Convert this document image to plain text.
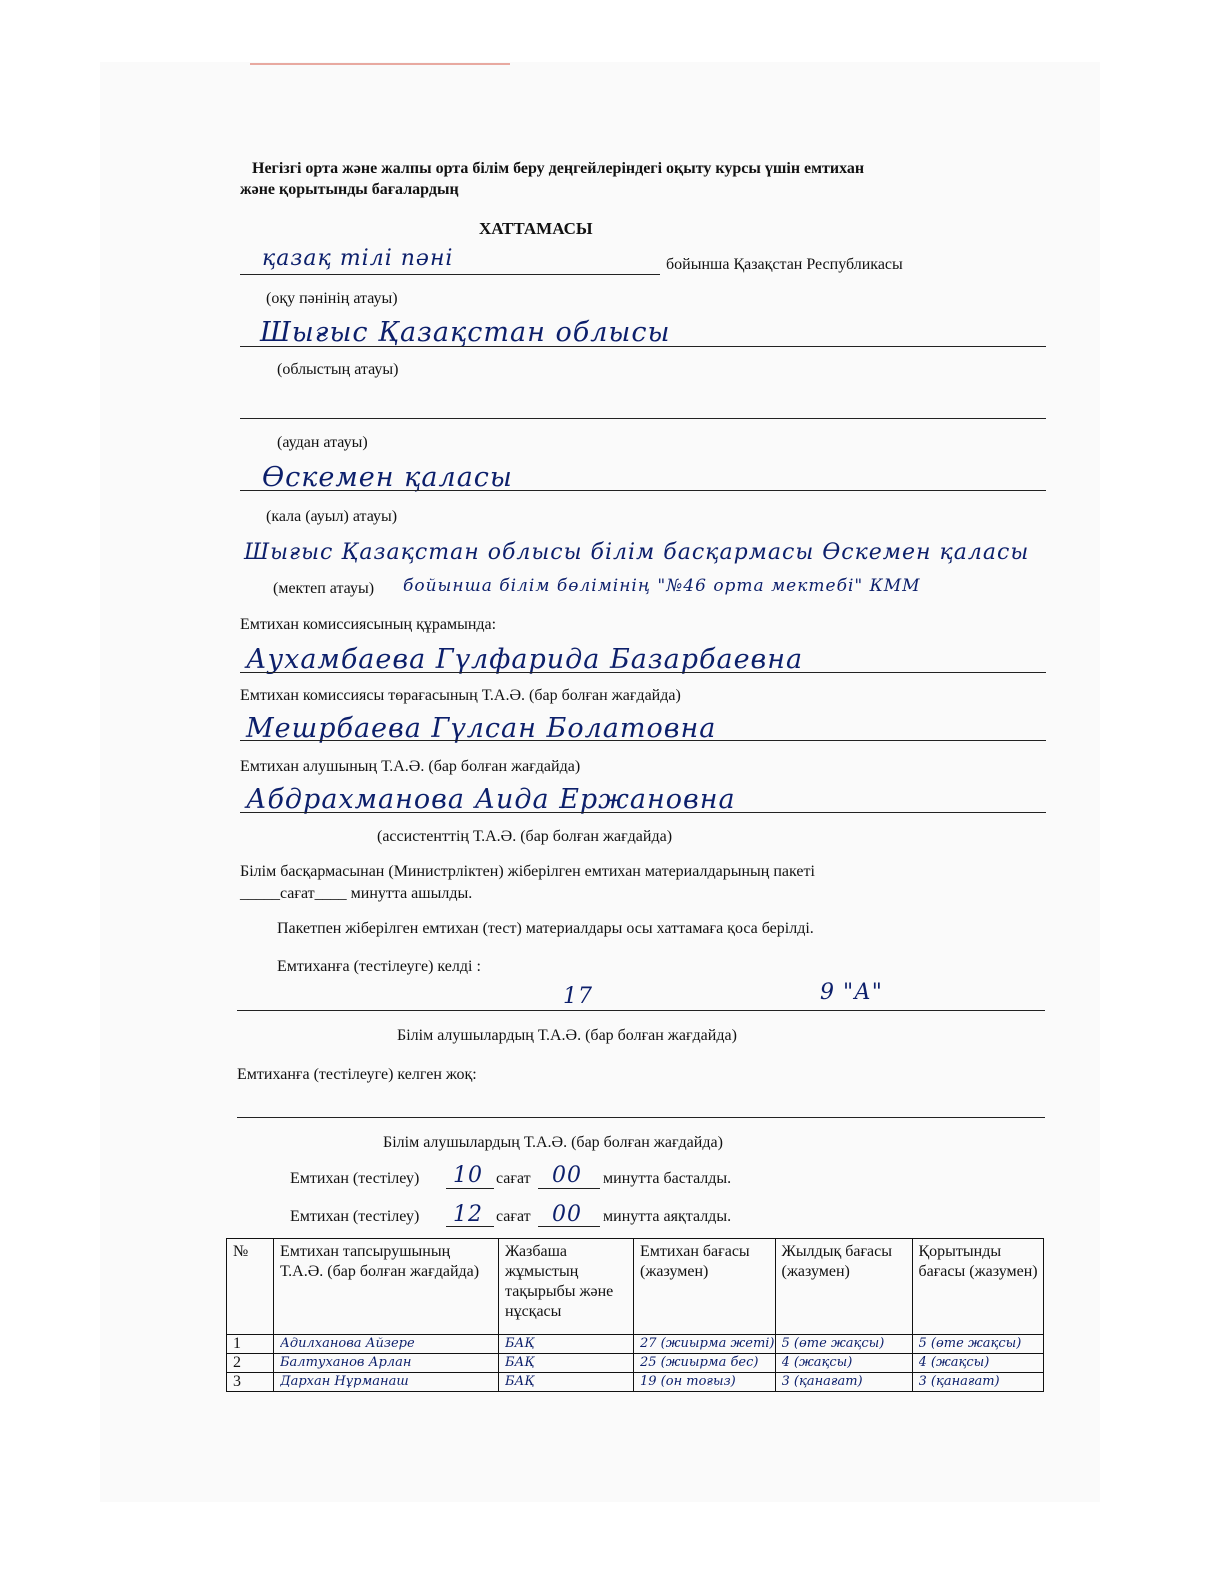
Негізгі орта және жалпы орта білім беру деңгейлеріндегі оқыту курсы үшін емтихан
және қорытынды бағалардың
ХАТТАМАСЫ
қазақ тілі пәні	бойынша Қазақстан Республикасы
(оқу пәнінің атауы)
Шығыс Қазақстан облысы
(облыстың атауы)
(аудан атауы)
Өскемен қаласы
(кала (ауыл) атауы)
Шығыс Қазақстан облысы білім басқармасы Өскемен қаласы
(мектеп атауы) бойынша білім бөлімінің "№46 орта мектебі" КММ
Емтихан комиссиясының құрамында:
Аухамбаева Гүлфарида Базарбаевна
Емтихан комиссиясы төрағасының Т.А.Ә. (бар болған жағдайда)
Мешрбаева Гүлсан Болатовна
Емтихан алушының Т.А.Ә. (бар болған жағдайда)
Абдрахманова Аида Ержановна
(ассистенттің Т.А.Ә. (бар болған жағдайда)
Білім басқармасынан (Министрліктен) жіберілген емтихан материалдарының пакеті
_____сағат____ минутта ашылды.
Пакетпен жіберілген емтихан (тест) материалдары осы хаттамаға қоса берілді.
Емтиханға (тестілеуге) келді :
17	9 "А"
Білім алушылардың Т.А.Ә. (бар болған жағдайда)
Емтиханға (тестілеуге) келген жоқ:
Білім алушылардың Т.А.Ә. (бар болған жағдайда)
Емтихан (тестілеу) 10 сағат 00 минутта басталды.
Емтихан (тестілеу) 12 сағат 00 минутта аяқталды.
№	Емтихан тапсырушының Т.А.Ә. (бар болған жағдайда)	Жазбаша жұмыстың тақырыбы және нұсқасы	Емтихан бағасы (жазумен)	Жылдық бағасы (жазумен)	Қорытынды бағасы (жазумен)
1	Адилханова Айзере	БАҚ	27 (жиырма жеті)	5 (өте жақсы)	5 (өте жақсы)

2	Балтуханов Арлан	БАҚ	25 (жиырма бес)	4 (жақсы)	4 (жақсы)

3	Дархан Нұрманаш	БАҚ	19 (он тоғыз)	3 (қанағат)	3 (қанағат)
